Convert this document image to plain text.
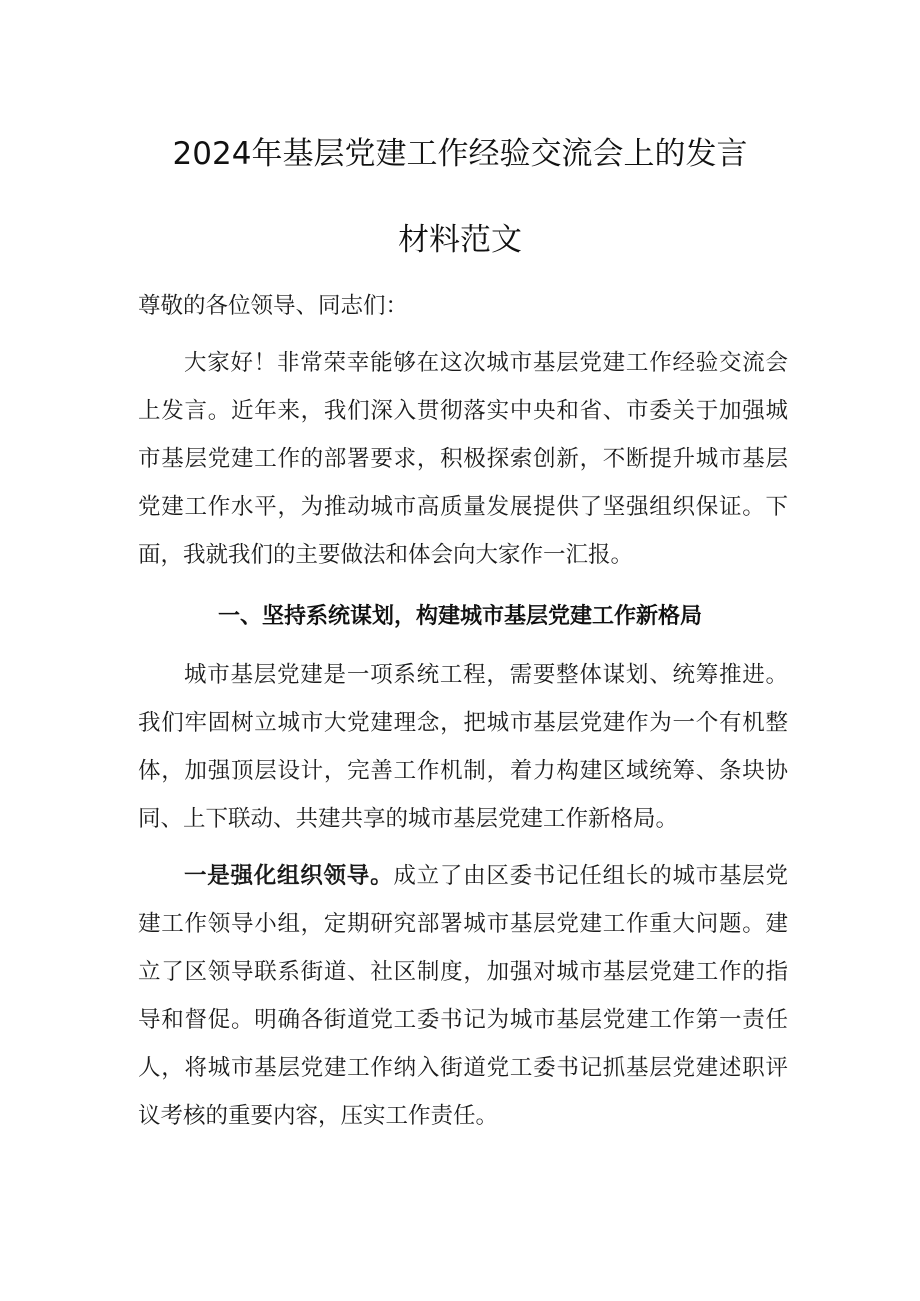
2024年基层党建工作经验交流会上的发言
材料范文
尊敬的各位领导、同志们：
大家好！非常荣幸能够在这次城市基层党建工作经验交流会上发言。近年来，我们深入贯彻落实中央和省、市委关于加强城市基层党建工作的部署要求，积极探索创新，不断提升城市基层党建工作水平，为推动城市高质量发展提供了坚强组织保证。下面，我就我们的主要做法和体会向大家作一汇报。
一、坚持系统谋划，构建城市基层党建工作新格局
城市基层党建是一项系统工程，需要整体谋划、统筹推进。我们牢固树立城市大党建理念，把城市基层党建作为一个有机整体，加强顶层设计，完善工作机制，着力构建区域统筹、条块协同、上下联动、共建共享的城市基层党建工作新格局。
一是强化组织领导。成立了由区委书记任组长的城市基层党建工作领导小组，定期研究部署城市基层党建工作重大问题。建立了区领导联系街道、社区制度，加强对城市基层党建工作的指导和督促。明确各街道党工委书记为城市基层党建工作第一责任人，将城市基层党建工作纳入街道党工委书记抓基层党建述职评议考核的重要内容，压实工作责任。
